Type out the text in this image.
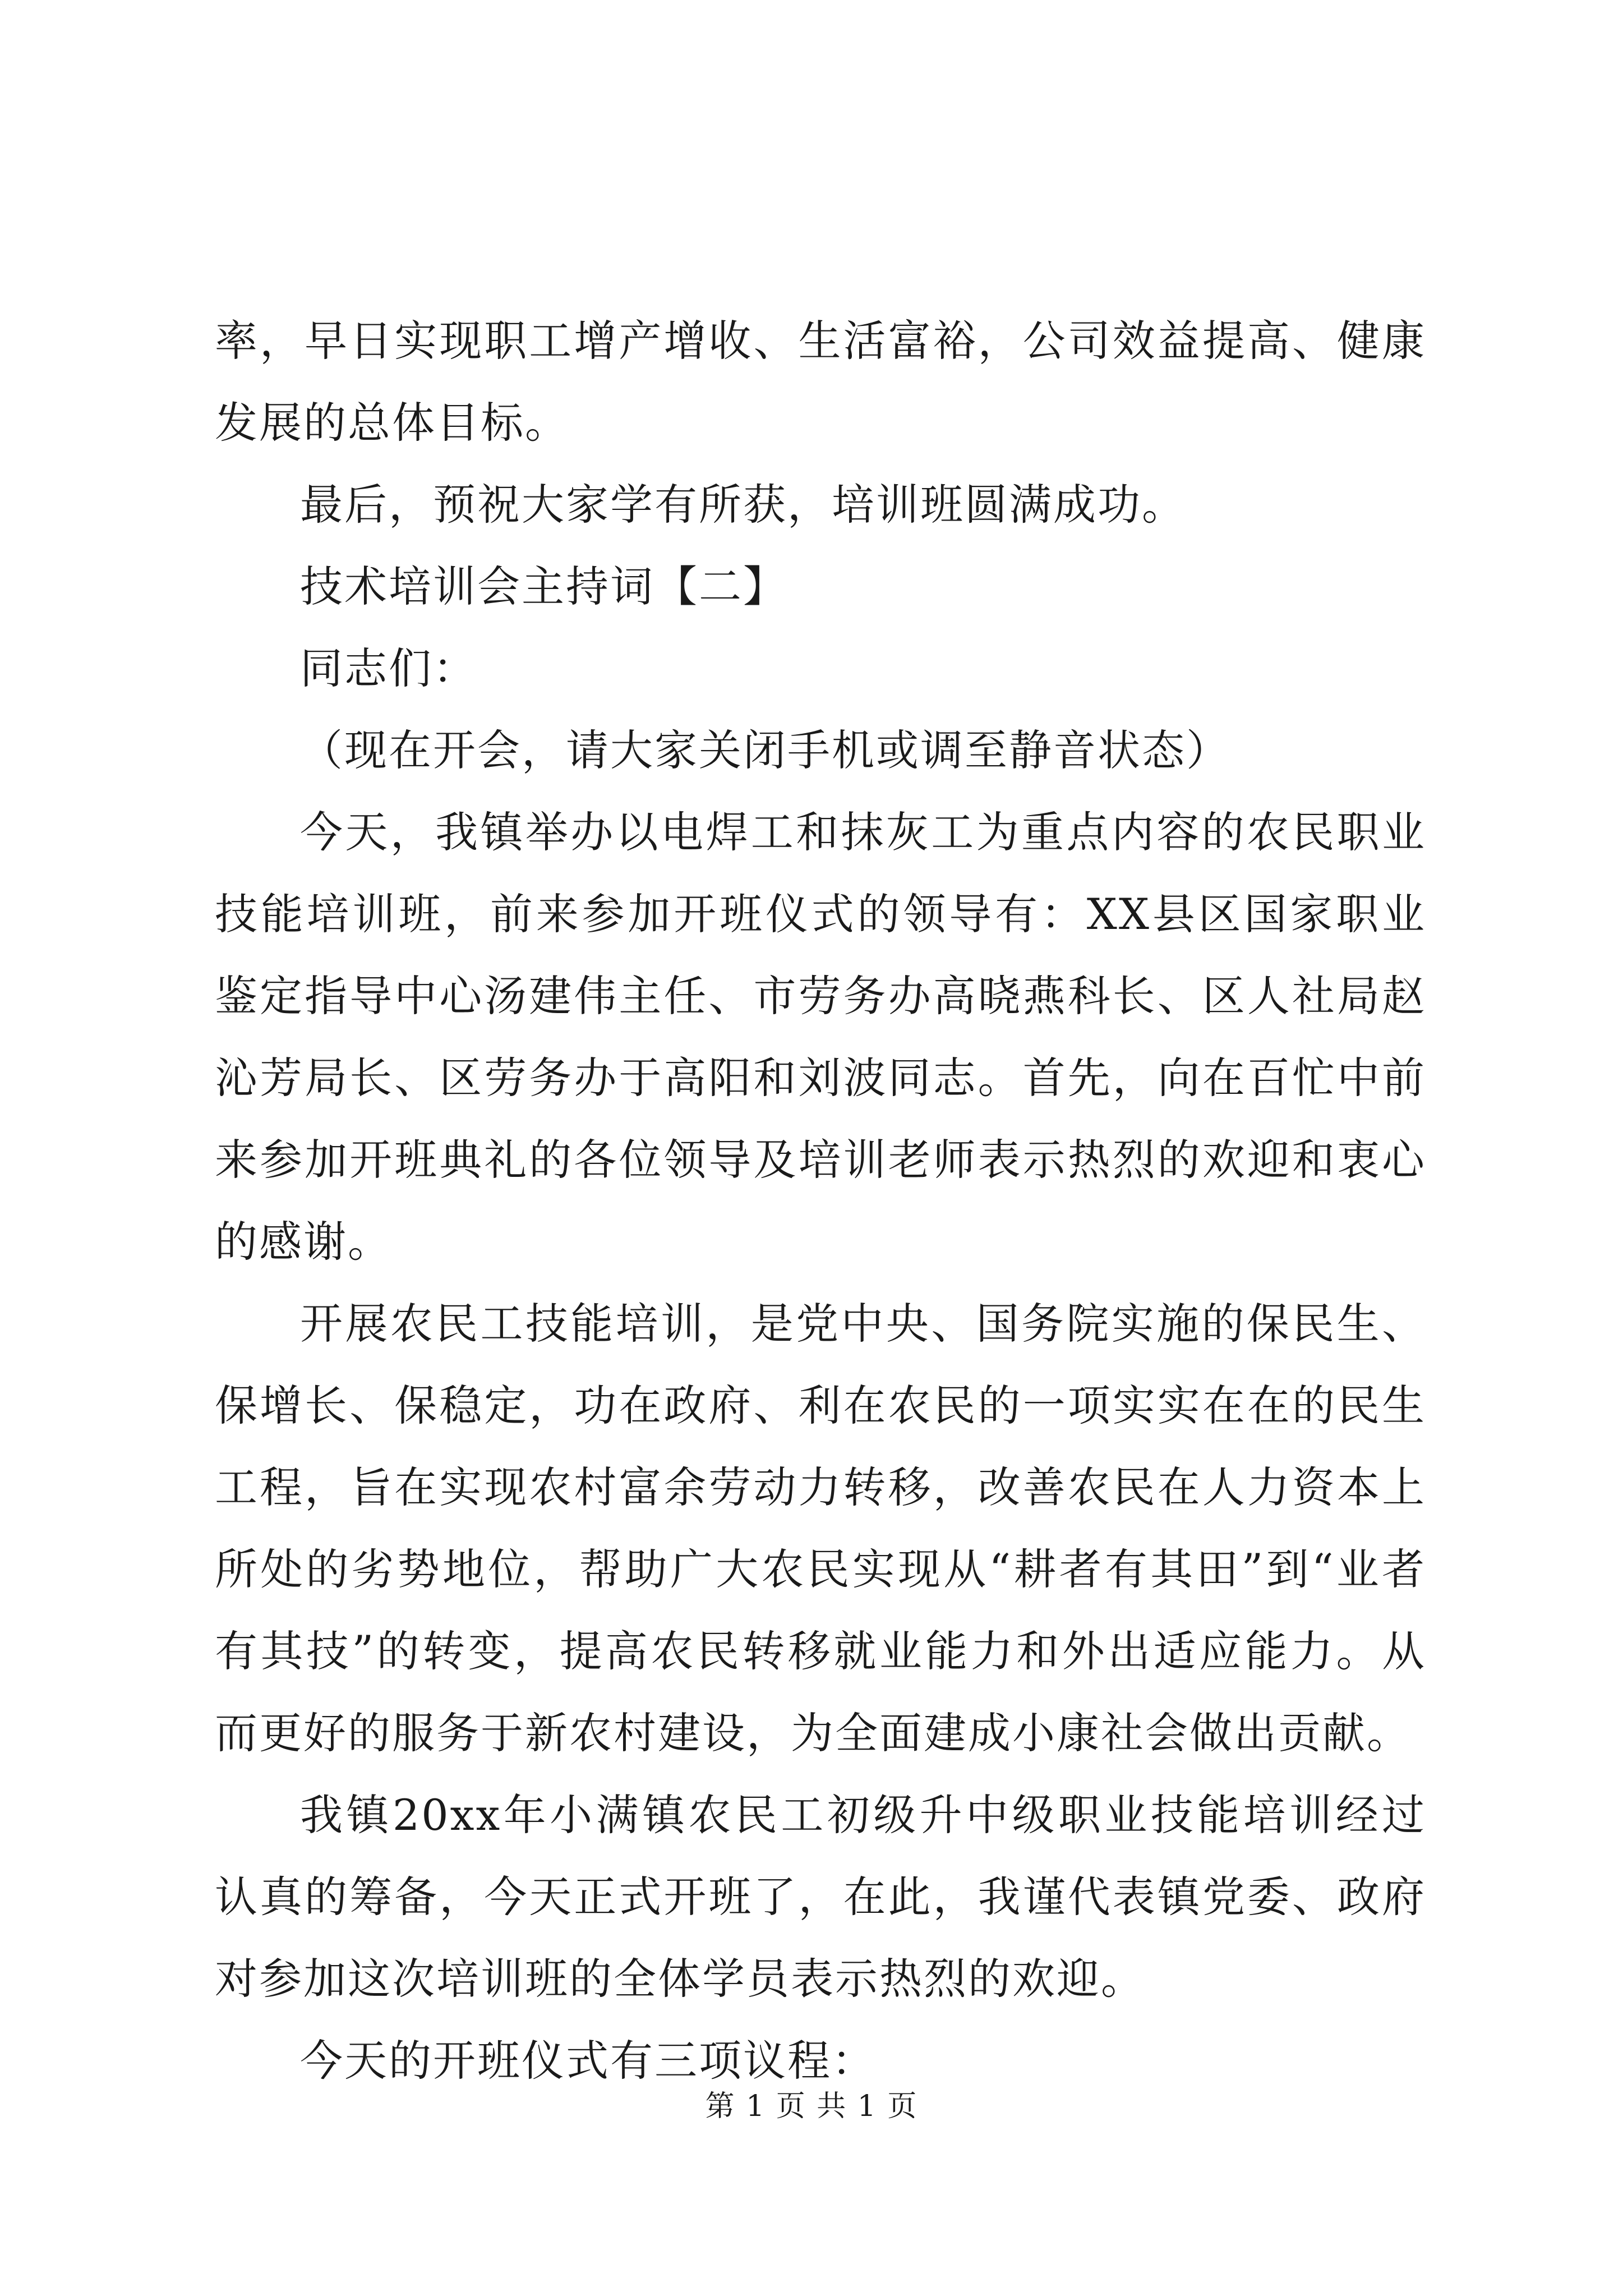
率，早日实现职工增产增收、生活富裕，公司效益提高、健康发展的总体目标。

最后，预祝大家学有所获，培训班圆满成功。

技术培训会主持词【二】

同志们：

（现在开会，请大家关闭手机或调至静音状态）

今天，我镇举办以电焊工和抹灰工为重点内容的农民职业技能培训班，前来参加开班仪式的领导有：XX县区国家职业鉴定指导中心汤建伟主任、市劳务办高晓燕科长、区人社局赵沁芳局长、区劳务办于高阳和刘波同志。首先，向在百忙中前来参加开班典礼的各位领导及培训老师表示热烈的欢迎和衷心的感谢。

开展农民工技能培训，是党中央、国务院实施的保民生、保增长、保稳定，功在政府、利在农民的一项实实在在的民生工程，旨在实现农村富余劳动力转移，改善农民在人力资本上所处的劣势地位，帮助广大农民实现从“耕者有其田”到“业者有其技”的转变，提高农民转移就业能力和外出适应能力。从而更好的服务于新农村建设，为全面建成小康社会做出贡献。

我镇20xx年小满镇农民工初级升中级职业技能培训经过认真的筹备，今天正式开班了，在此，我谨代表镇党委、政府对参加这次培训班的全体学员表示热烈的欢迎。

今天的开班仪式有三项议程：

第 1 页 共 1 页
